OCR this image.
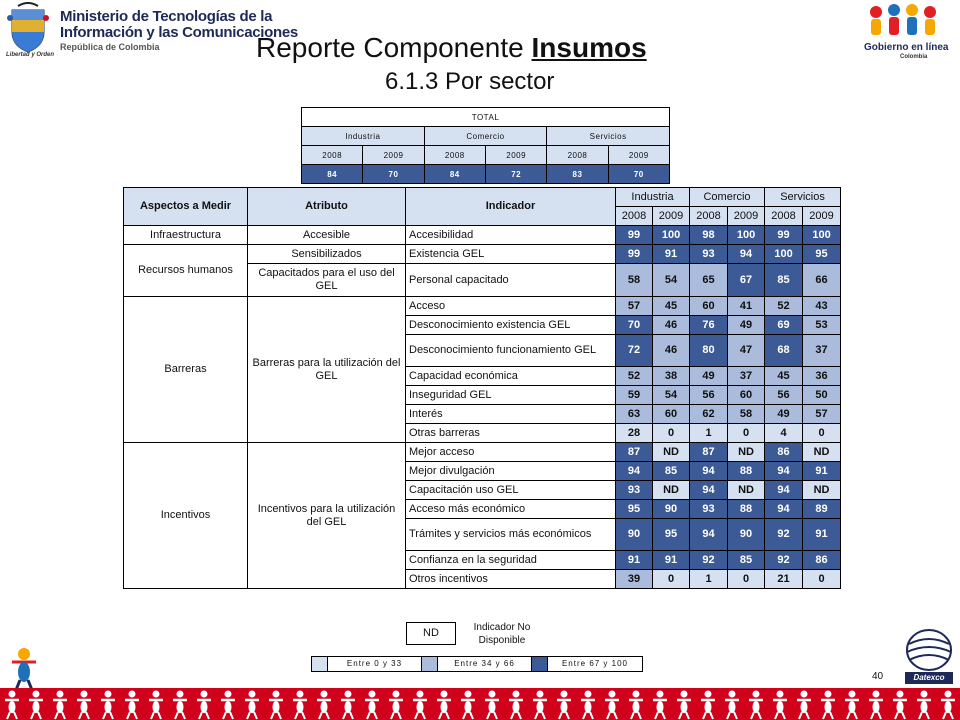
Libertad y Orden
Ministerio de Tecnologías de la
Información y las Comunicaciones
República de Colombia	Reporte Componente Insumos
6.1.3 Por sector
Gobierno en línea
Colombia
TOTAL					
Industria		Comercio		Servicios	
2008	2009	2008	2009	2008	2009
84	70	84	72	83	70
Aspectos a Medir	Atributo	Indicador	Industria		Comercio		Servicios	
			2008	2009	2008	2009	2008	2009
Infraestructura	Accesible	Accesibilidad	99	100	98	100	99	100
Recursos humanos	Sensibilizados	Existencia GEL	99	91	93	94	100	95
	Capacitados para el uso del GEL	Personal capacitado	58	54	65	67	85	66
Barreras	Barreras para la utilización del GEL	Acceso	57	45	60	41	52	43
		Desconocimiento existencia GEL	70	46	76	49	69	53
		Desconocimiento funcionamiento GEL	72	46	80	47	68	37
		Capacidad económica	52	38	49	37	45	36
		Inseguridad GEL	59	54	56	60	56	50
		Interés	63	60	62	58	49	57
		Otras barreras	28	0	1	0	4	0
Incentivos	Incentivos para la utilización del GEL	Mejor acceso	87	ND	87	ND	86	ND
		Mejor divulgación	94	85	94	88	94	91
		Capacitación uso GEL	93	ND	94	ND	94	ND
		Acceso más económico	95	90	93	88	94	89
		Trámites y servicios más económicos	90	95	94	90	92	91
		Confianza en la seguridad	91	91	92	85	92	86
		Otros incentivos	39	0	1	0	21	0
ND	Indicador No Disponible
Entre 0 y 33	Entre 34 y 66	Entre 67 y 100
40	Datexco
